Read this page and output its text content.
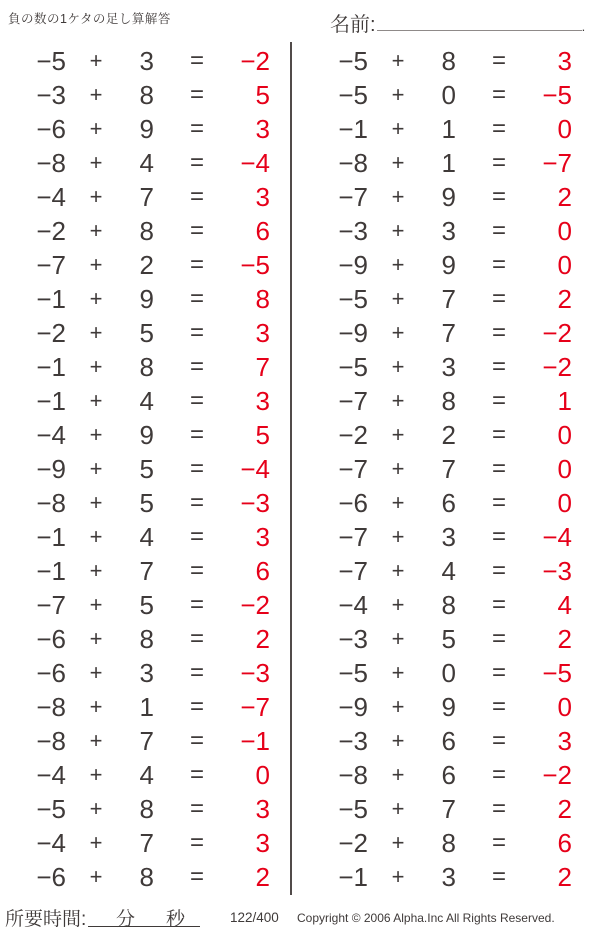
負の数の1ケタの足し算解答	名前:	.
−5	+	3	=	−2
−3	+	8	=	5
−6	+	9	=	3
−8	+	4	=	−4
−4	+	7	=	3
−2	+	8	=	6
−7	+	2	=	−5
−1	+	9	=	8
−2	+	5	=	3
−1	+	8	=	7
−1	+	4	=	3
−4	+	9	=	5
−9	+	5	=	−4
−8	+	5	=	−3
−1	+	4	=	3
−1	+	7	=	6
−7	+	5	=	−2
−6	+	8	=	2
−6	+	3	=	−3
−8	+	1	=	−7
−8	+	7	=	−1
−4	+	4	=	0
−5	+	8	=	3
−4	+	7	=	3
−6	+	8	=	2
−5	+	8	=	3
−5	+	0	=	−5
−1	+	1	=	0
−8	+	1	=	−7
−7	+	9	=	2
−3	+	3	=	0
−9	+	9	=	0
−5	+	7	=	2
−9	+	7	=	−2
−5	+	3	=	−2
−7	+	8	=	1
−2	+	2	=	0
−7	+	7	=	0
−6	+	6	=	0
−7	+	3	=	−4
−7	+	4	=	−3
−4	+	8	=	4
−3	+	5	=	2
−5	+	0	=	−5
−9	+	9	=	0
−3	+	6	=	3
−8	+	6	=	−2
−5	+	7	=	2
−2	+	8	=	6
−1	+	3	=	2
所要時間: 分 秒	122/400 Copyright © 2006 Alpha.Inc All Rights Reserved.
